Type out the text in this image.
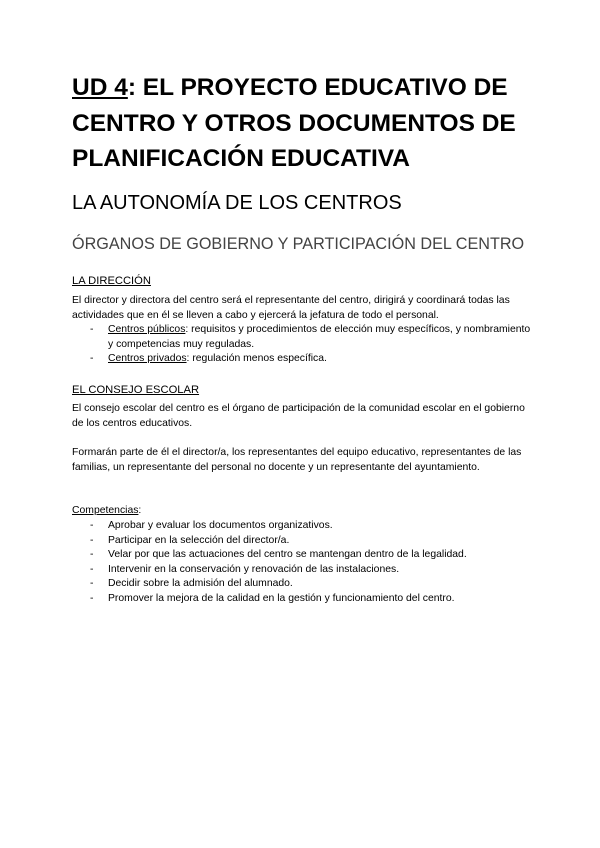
UD 4: EL PROYECTO EDUCATIVO DE CENTRO Y OTROS DOCUMENTOS DE PLANIFICACIÓN EDUCATIVA
LA AUTONOMÍA DE LOS CENTROS
ÓRGANOS DE GOBIERNO Y PARTICIPACIÓN DEL CENTRO
LA DIRECCIÓN

El director y directora del centro será el representante del centro, dirigirá y coordinará todas las actividades que en él se lleven a cabo y ejercerá la jefatura de todo el personal.

- Centros públicos: requisitos y procedimientos de elección muy específicos, y nombramiento y competencias muy reguladas.
- Centros privados: regulación menos específica.
EL CONSEJO ESCOLAR

El consejo escolar del centro es el órgano de participación de la comunidad escolar en el gobierno de los centros educativos.

Formarán parte de él el director/a, los representantes del equipo educativo, representantes de las familias, un representante del personal no docente y un representante del ayuntamiento.

Competencias:
- Aprobar y evaluar los documentos organizativos.
- Participar en la selección del director/a.
- Velar por que las actuaciones del centro se mantengan dentro de la legalidad.
- Intervenir en la conservación y renovación de las instalaciones.
- Decidir sobre la admisión del alumnado.
- Promover la mejora de la calidad en la gestión y funcionamiento del centro.
